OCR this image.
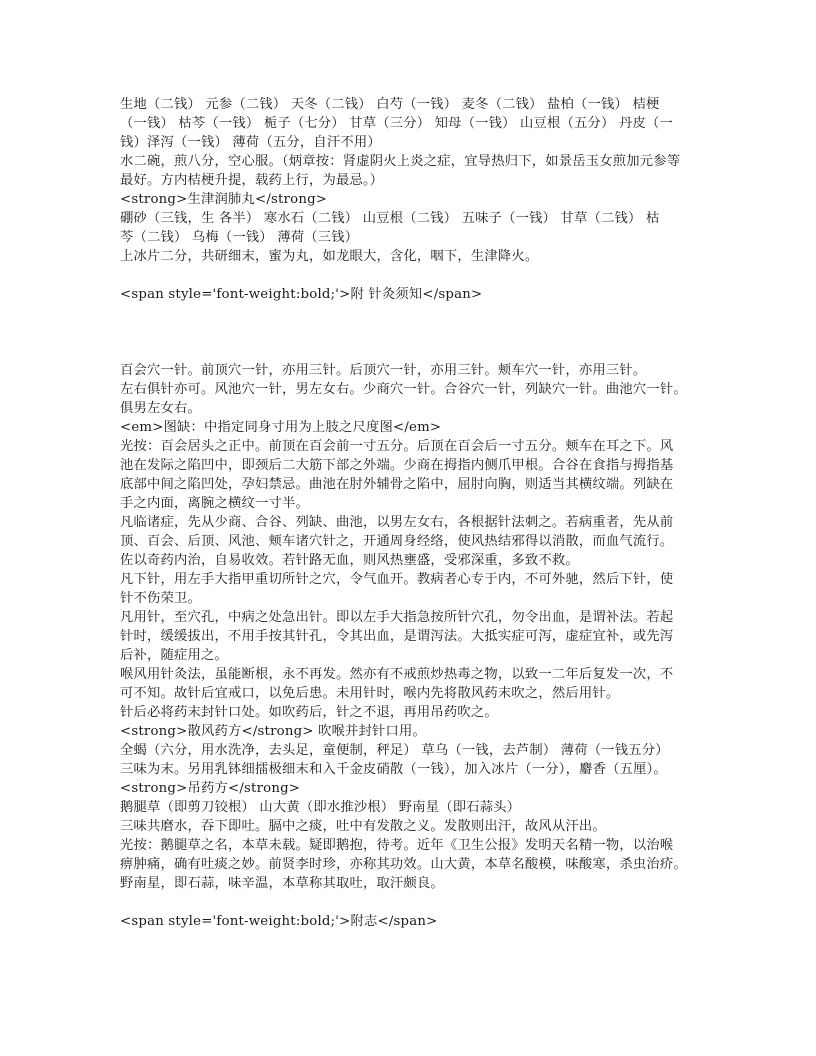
生地（二钱） 元参（二钱） 天冬（二钱） 白芍（一钱） 麦冬（二钱） 盐柏（一钱） 桔梗
（一钱） 枯芩（一钱） 栀子（七分） 甘草（三分） 知母（一钱） 山豆根（五分） 丹皮（一
钱）泽泻（一钱） 薄荷（五分，自汗不用）
水二碗，煎八分，空心服。（炳章按：肾虚阴火上炎之症，宜导热归下，如景岳玉女煎加元参等
最好。方内桔梗升提，载药上行，为最忌。）
<strong>生津润肺丸</strong>
硼砂（三钱，生 各半） 寒水石（二钱） 山豆根（二钱） 五味子（一钱） 甘草（二钱） 枯
芩（二钱） 乌梅（一钱） 薄荷（三钱）
上冰片二分，共研细末，蜜为丸，如龙眼大，含化，咽下，生津降火。
<span style='font-weight:bold;'>附 针灸须知</span>
百会穴一针。前顶穴一针，亦用三针。后顶穴一针，亦用三针。颊车穴一针，亦用三针。
左右俱针亦可。风池穴一针，男左女右。少商穴一针。合谷穴一针，列缺穴一针。曲池穴一针。
俱男左女右。
<em>图缺：中指定同身寸用为上肢之尺度图</em>
光按：百会居头之正中。前顶在百会前一寸五分。后顶在百会后一寸五分。颊车在耳之下。风
池在发际之陷凹中，即颈后二大筋下部之外端。少商在拇指内侧爪甲根。合谷在食指与拇指基
底部中间之陷凹处，孕妇禁忌。曲池在肘外辅骨之陷中，屈肘向胸，则适当其横纹端。列缺在
手之内面，离腕之横纹一寸半。
凡临诸症，先从少商、合谷、列缺、曲池，以男左女右，各根据针法刺之。若病重者，先从前
顶、百会、后顶、风池、颊车诸穴针之，开通周身经络，使风热结邪得以消散，而血气流行。
佐以奇药内治，自易收效。若针路无血，则风热壅盛，受邪深重，多致不救。
凡下针，用左手大指甲重切所针之穴，令气血开。教病者心专于内，不可外驰，然后下针，使
针不伤荣卫。
凡用针，至穴孔，中病之处急出针。即以左手大指急按所针穴孔，勿令出血，是谓补法。若起
针时，缓缓拔出，不用手按其针孔，令其出血，是谓泻法。大抵实症可泻，虚症宜补，或先泻
后补，随症用之。
喉风用针灸法，虽能断根，永不再发。然亦有不戒煎炒热毒之物，以致一二年后复发一次，不
可不知。故针后宜戒口，以免后患。未用针时，喉内先将散风药末吹之，然后用针。
针后必将药末封针口处。如吹药后，针之不退，再用吊药吹之。
<strong>散风药方</strong> 吹喉并封针口用。
全蝎（六分，用水洗净，去头足，童便制，秤足） 草乌（一钱，去芦制） 薄荷（一钱五分）
三味为末。另用乳钵细擂极细末和入千金皮硝散（一钱），加入冰片（一分），麝香（五厘）。
<strong>吊药方</strong>
鹅腿草（即剪刀铰根） 山大黄（即水推沙根） 野南星（即石蒜头）
三味共磨水，吞下即吐。膈中之痰，吐中有发散之义。发散则出汗，故风从汗出。
光按：鹅腿草之名，本草未载。疑即鹅抱，待考。近年《卫生公报》发明天名精一物，以治喉
痹肿痛，确有吐痰之妙。前贤李时珍，亦称其功效。山大黄，本草名酸模，味酸寒，杀虫治疥。
野南星，即石蒜，味辛温，本草称其取吐，取汗颇良。
<span style='font-weight:bold;'>附志</span>
